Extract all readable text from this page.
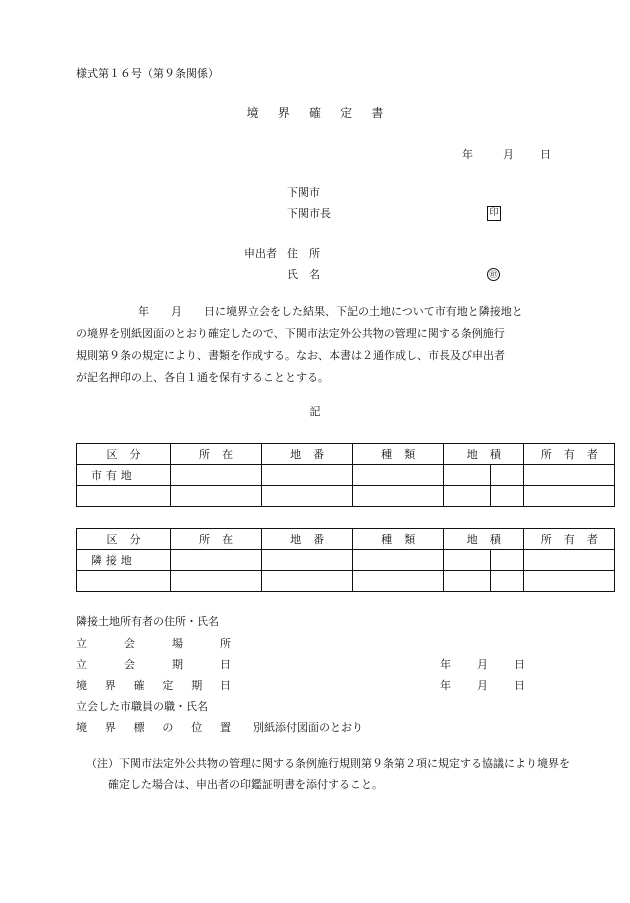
様式第１６号（第９条関係）
境界確定書
年	月 日
下関市
下関市長	印
申出者 住　所
氏　名	㊞

年　　月　　日に境界立会をした結果、下記の土地について市有地と隣接地と

の境界を別紙図面のとおり確定したので、下関市法定外公共物の管理に関する条例施行

規則第９条の規定により、書類を作成する。なお、本書は２通作成し、市長及び申出者

が記名押印の上、各自１通を保有することとする。

記
区分	所在	地番	種類	地積		所有者
市有地						

区分	所在	地番	種類	地積		所有者
隣接地						

隣接土地所有者の住所・氏名
立会場所
立会期日	年 月 日
境界確定期日	年 月 日
立会した市職員の職・氏名
境界標の位置 別紙添付図面のとおり
（注）下関市法定外公共物の管理に関する条例施行規則第９条第２項に規定する協議により境界を確定した場合は、申出者の印鑑証明書を添付すること。
